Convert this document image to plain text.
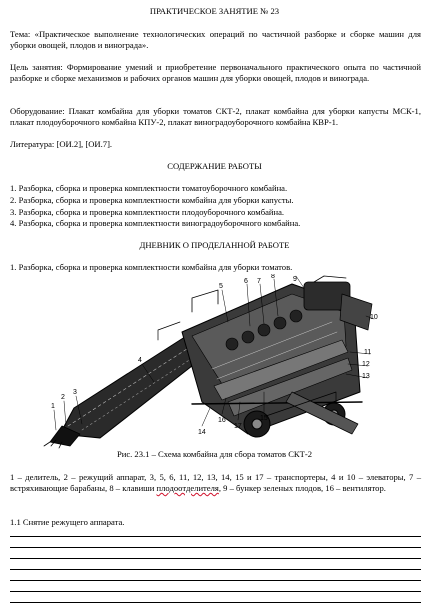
ПРАКТИЧЕСКОЕ ЗАНЯТИЕ № 23

Тема: «Практическое выполнение технологических операций по частичной разборке и сборке машин для уборки овощей, плодов и винограда».

Цель занятия: Формирование умений и приобретение первоначального практического опыта по частичной разборке и сборке механизмов и рабочих органов машин для уборки овощей, плодов и винограда.

Оборудование: Плакат комбайна для уборки томатов СКТ-2, плакат комбайна для уборки капусты МСК-1, плакат плодоуборочного комбайна КПУ-2, плакат виноградоуборочного комбайна КВР-1.

Литература: [ОИ.2], [ОИ.7].

СОДЕРЖАНИЕ РАБОТЫ

1. Разборка, сборка и проверка комплектности томатоуборочного комбайна.

2. Разборка, сборка и проверка комплектности комбайна для уборки капусты.

3. Разборка, сборка и проверка комплектности плодоуборочного комбайна.

4. Разборка, сборка и проверка комплектности виноградоуборочного комбайна.

ДНЕВНИК О ПРОДЕЛАННОЙ РАБОТЕ

1. Разборка, сборка и проверка комплектности комбайна для уборки томатов.

1
2
3
4
5
6 7
8	9
10
11
12
13
14
15
16
17

Рис. 23.1 – Схема комбайна для сбора томатов СКТ-2

1 – делитель, 2 – режущий аппарат, 3, 5, 6, 11, 12, 13, 14, 15 и 17 – транспортеры, 4 и 10 – элеваторы, 7 – встряхивающие барабаны, 8 – клавиши плодоотделителя, 9 – бункер зеленых плодов, 16 – вентилятор.

1.1 Снятие режущего аппарата.
